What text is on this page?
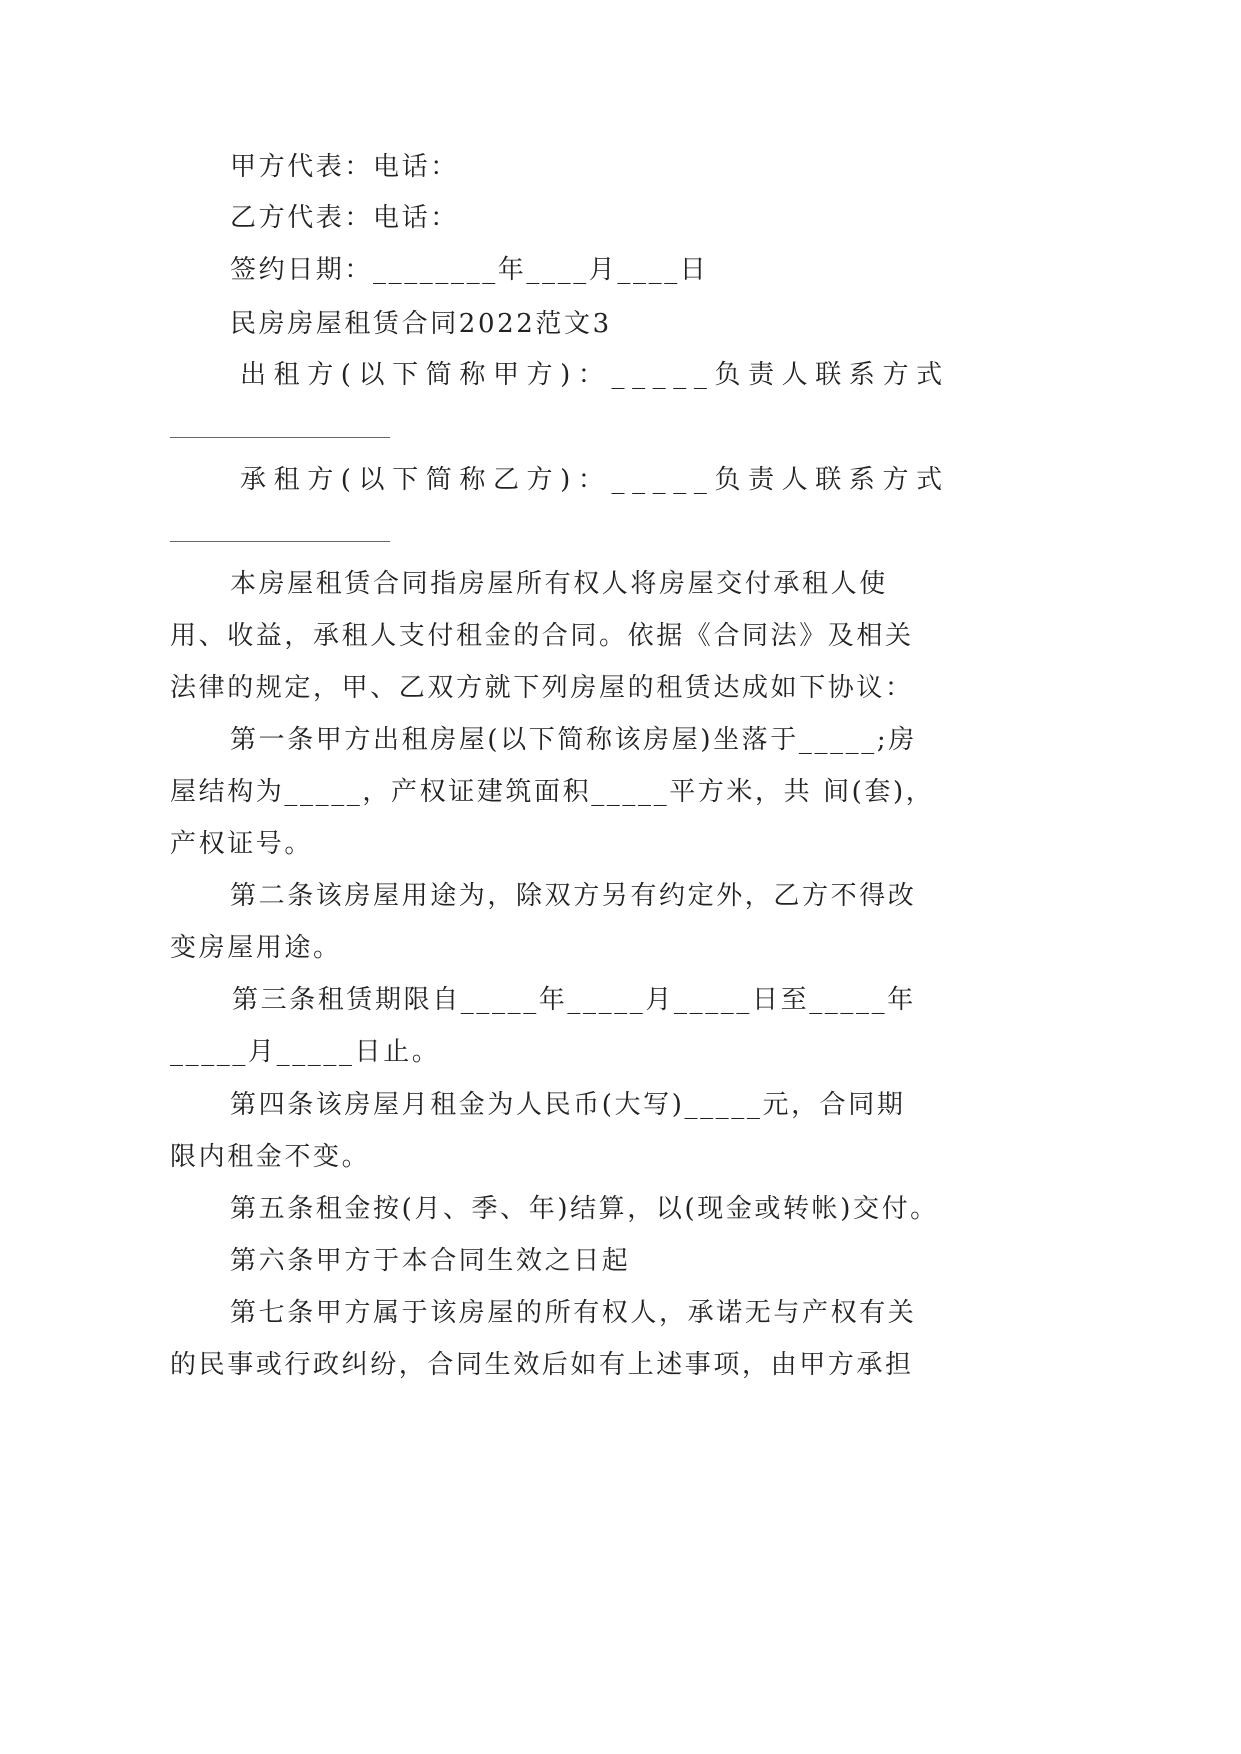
甲方代表：电话：

乙方代表：电话：

签约日期：________年____月____日

民房房屋租赁合同2022范文3

出租方(以下简称甲方)：_____负责人联系方式

承租方(以下简称乙方)：_____负责人联系方式

本房屋租赁合同指房屋所有权人将房屋交付承租人使

用、收益，承租人支付租金的合同。依据《合同法》及相关

法律的规定，甲、乙双方就下列房屋的租赁达成如下协议：

第一条甲方出租房屋(以下简称该房屋)坐落于_____;房

屋结构为_____，产权证建筑面积_____平方米，共 间(套)，

产权证号。

第二条该房屋用途为，除双方另有约定外，乙方不得改

变房屋用途。

第三条租赁期限自_____年_____月_____日至_____年

_____月_____日止。

第四条该房屋月租金为人民币(大写)_____元，合同期

限内租金不变。

第五条租金按(月、季、年)结算，以(现金或转帐)交付。

第六条甲方于本合同生效之日起

第七条甲方属于该房屋的所有权人，承诺无与产权有关

的民事或行政纠纷，合同生效后如有上述事项，由甲方承担
